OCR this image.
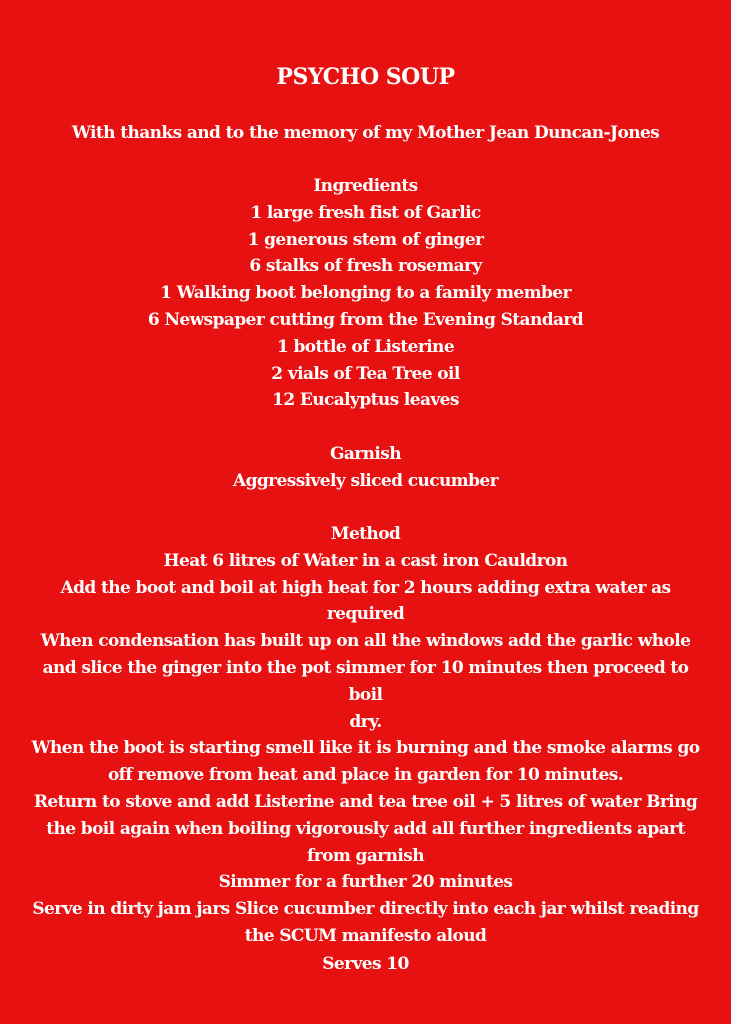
PSYCHO SOUP
With thanks and to the memory of my Mother Jean Duncan-Jones
Ingredients
1 large fresh fist of Garlic
1 generous stem of ginger
6 stalks of fresh rosemary
1 Walking boot belonging to a family member
6 Newspaper cutting from the Evening Standard
1 bottle of Listerine
2 vials of Tea Tree oil
12 Eucalyptus leaves
Garnish
Aggressively sliced cucumber
Method
Heat 6 litres of Water in a cast iron Cauldron
Add the boot and boil at high heat for 2 hours adding extra water as
required
When condensation has built up on all the windows add the garlic whole
and slice the ginger into the pot simmer for 10 minutes then proceed to boil
dry.
When the boot is starting smell like it is burning and the smoke alarms go
off remove from heat and place in garden for 10 minutes.
Return to stove and add Listerine and tea tree oil + 5 litres of water Bring
the boil again when boiling vigorously add all further ingredients apart
from garnish
Simmer for a further 20 minutes
Serve in dirty jam jars Slice cucumber directly into each jar whilst reading
the SCUM manifesto aloud
Serves 10
